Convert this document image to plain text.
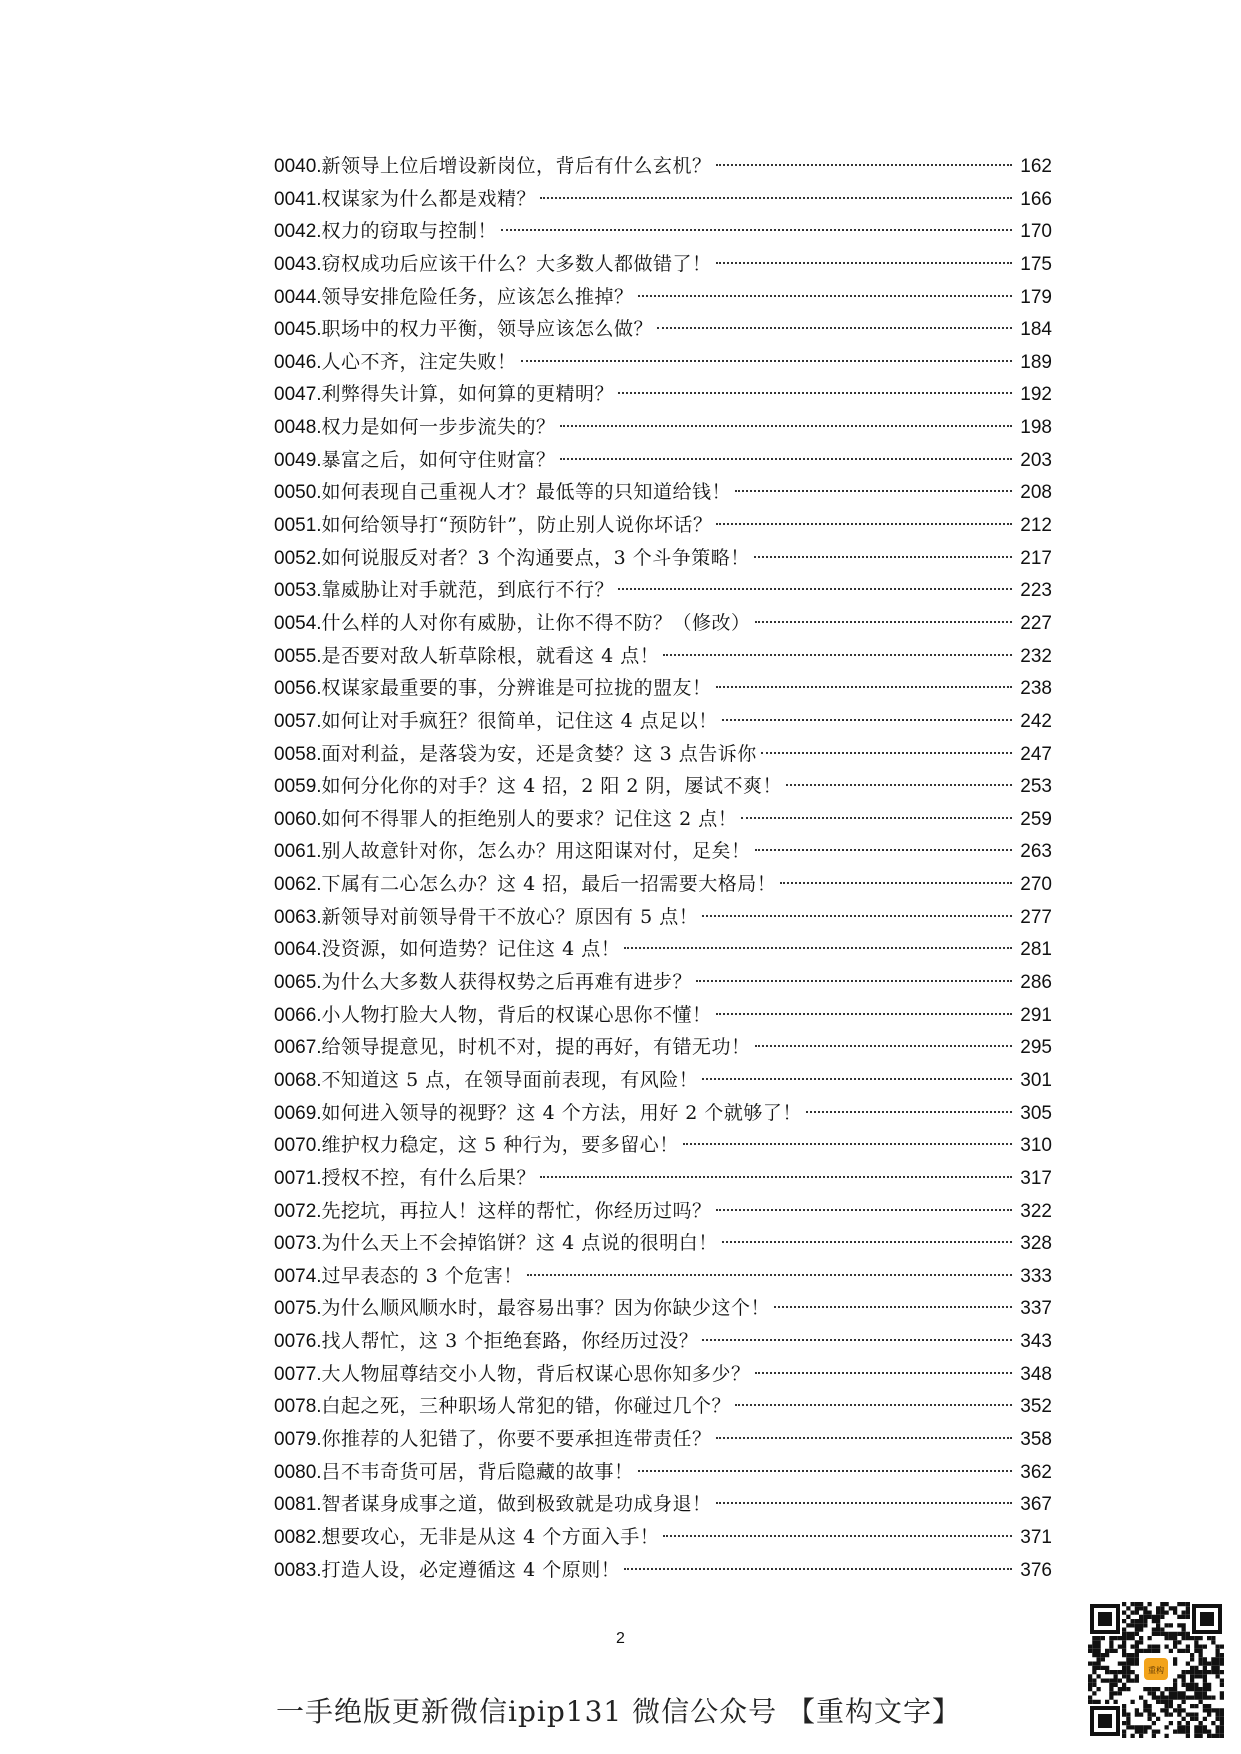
0040. 新领导上位后增设新岗位，背后有什么玄机？	162
0041. 权谋家为什么都是戏精？	166
0042. 权力的窃取与控制！	170
0043. 窃权成功后应该干什么？大多数人都做错了！	175
0044. 领导安排危险任务，应该怎么推掉？	179
0045. 职场中的权力平衡，领导应该怎么做？	184
0046. 人心不齐，注定失败！	189
0047. 利弊得失计算，如何算的更精明？	192
0048. 权力是如何一步步流失的？	198
0049. 暴富之后，如何守住财富？	203
0050. 如何表现自己重视人才？最低等的只知道给钱！	208
0051. 如何给领导打“预防针”，防止别人说你坏话？	212
0052. 如何说服反对者？3 个沟通要点，3 个斗争策略！	217
0053. 靠威胁让对手就范，到底行不行？	223
0054. 什么样的人对你有威胁，让你不得不防？（修改）	227
0055. 是否要对敌人斩草除根，就看这 4 点！	232
0056. 权谋家最重要的事，分辨谁是可拉拢的盟友！	238
0057. 如何让对手疯狂？很简单，记住这 4 点足以！	242
0058. 面对利益，是落袋为安，还是贪婪？这 3 点告诉你	247
0059. 如何分化你的对手？这 4 招，2 阳 2 阴，屡试不爽！	253
0060. 如何不得罪人的拒绝别人的要求？记住这 2 点！	259
0061. 别人故意针对你，怎么办？用这阳谋对付，足矣！	263
0062. 下属有二心怎么办？这 4 招，最后一招需要大格局！	270
0063. 新领导对前领导骨干不放心？原因有 5 点！	277
0064. 没资源，如何造势？记住这 4 点！	281
0065. 为什么大多数人获得权势之后再难有进步？	286
0066. 小人物打脸大人物，背后的权谋心思你不懂！	291
0067. 给领导提意见，时机不对，提的再好，有错无功！	295
0068. 不知道这 5 点，在领导面前表现，有风险！	301
0069. 如何进入领导的视野？这 4 个方法，用好 2 个就够了！	305
0070. 维护权力稳定，这 5 种行为，要多留心！	310
0071. 授权不控，有什么后果？	317
0072. 先挖坑，再拉人！这样的帮忙，你经历过吗？	322
0073. 为什么天上不会掉馅饼？这 4 点说的很明白！	328
0074. 过早表态的 3 个危害！	333
0075. 为什么顺风顺水时，最容易出事？因为你缺少这个！	337
0076. 找人帮忙，这 3 个拒绝套路，你经历过没？	343
0077. 大人物屈尊结交小人物，背后权谋心思你知多少？	348
0078. 白起之死，三种职场人常犯的错，你碰过几个？	352
0079. 你推荐的人犯错了，你要不要承担连带责任？	358
0080. 吕不韦奇货可居，背后隐藏的故事！	362
0081. 智者谋身成事之道，做到极致就是功成身退！	367
0082. 想要攻心，无非是从这 4 个方面入手！	371
0083. 打造人设，必定遵循这 4 个原则！	376
2
一手绝版更新微信ipip131 微信公众号 【重构文字】
重构
